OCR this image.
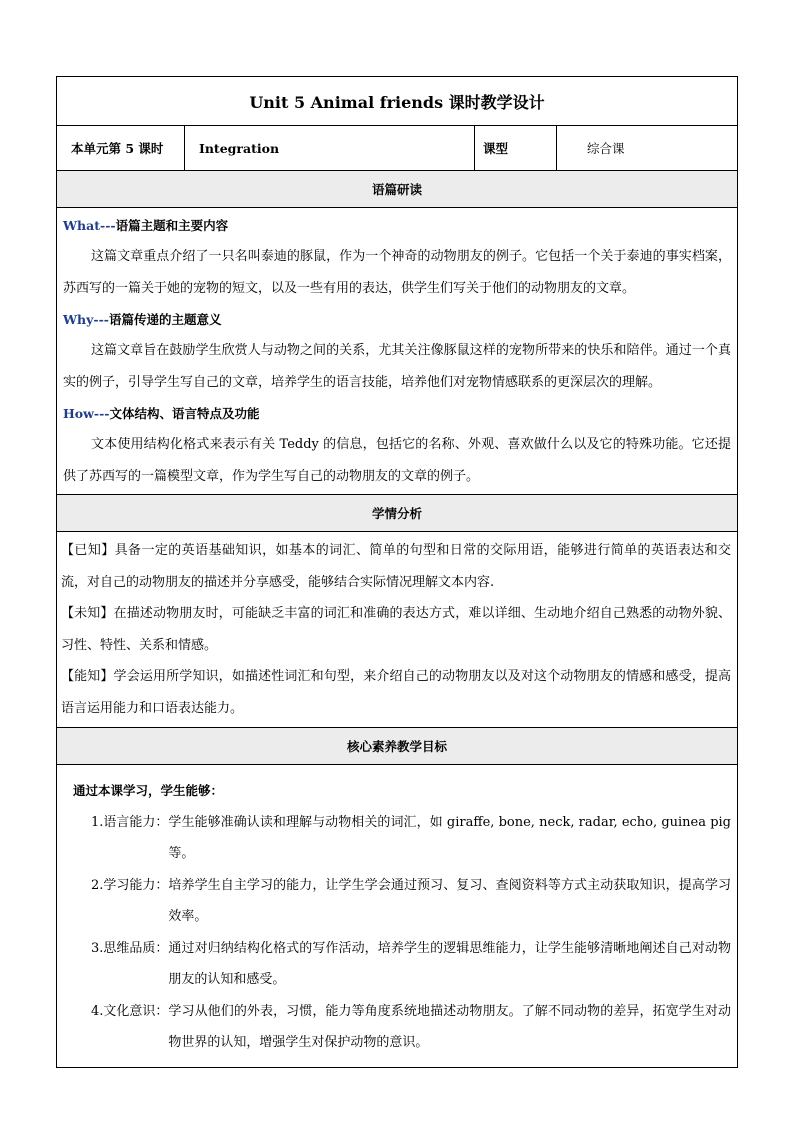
Unit 5 Animal friends 课时教学设计
本单元第 5 课时	Integration	课型	综合课
语篇研读

What---语篇主题和主要内容

这篇文章重点介绍了一只名叫泰迪的豚鼠，作为一个神奇的动物朋友的例子。它包括一个关于泰迪的事实档案，苏西写的一篇关于她的宠物的短文，以及一些有用的表达，供学生们写关于他们的动物朋友的文章。

Why---语篇传递的主题意义

这篇文章旨在鼓励学生欣赏人与动物之间的关系，尤其关注像豚鼠这样的宠物所带来的快乐和陪伴。通过一个真实的例子，引导学生写自己的文章，培养学生的语言技能，培养他们对宠物情感联系的更深层次的理解。

How---文体结构、语言特点及功能

文本使用结构化格式来表示有关 Teddy 的信息，包括它的名称、外观、喜欢做什么以及它的特殊功能。它还提供了苏西写的一篇模型文章，作为学生写自己的动物朋友的文章的例子。

学情分析

【已知】具备一定的英语基础知识，如基本的词汇、简单的句型和日常的交际用语，能够进行简单的英语表达和交流，对自己的动物朋友的描述并分享感受，能够结合实际情况理解文本内容.

【未知】在描述动物朋友时，可能缺乏丰富的词汇和准确的表达方式，难以详细、生动地介绍自己熟悉的动物外貌、习性、特性、关系和情感。

【能知】学会运用所学知识，如描述性词汇和句型，来介绍自己的动物朋友以及对这个动物朋友的情感和感受，提高语言运用能力和口语表达能力。

核心素养教学目标

通过本课学习，学生能够：
1.语言能力： 学生能够准确认读和理解与动物相关的词汇，如 giraffe, bone, neck, radar, echo, guinea pig 等。
2.学习能力： 培养学生自主学习的能力，让学生学会通过预习、复习、查阅资料等方式主动获取知识，提高学习效率。
3.思维品质： 通过对归纳结构化格式的写作活动，培养学生的逻辑思维能力，让学生能够清晰地阐述自己对动物朋友的认知和感受。
4.文化意识： 学习从他们的外表，习惯，能力等角度系统地描述动物朋友。了解不同动物的差异，拓宽学生对动物世界的认知，增强学生对保护动物的意识。
